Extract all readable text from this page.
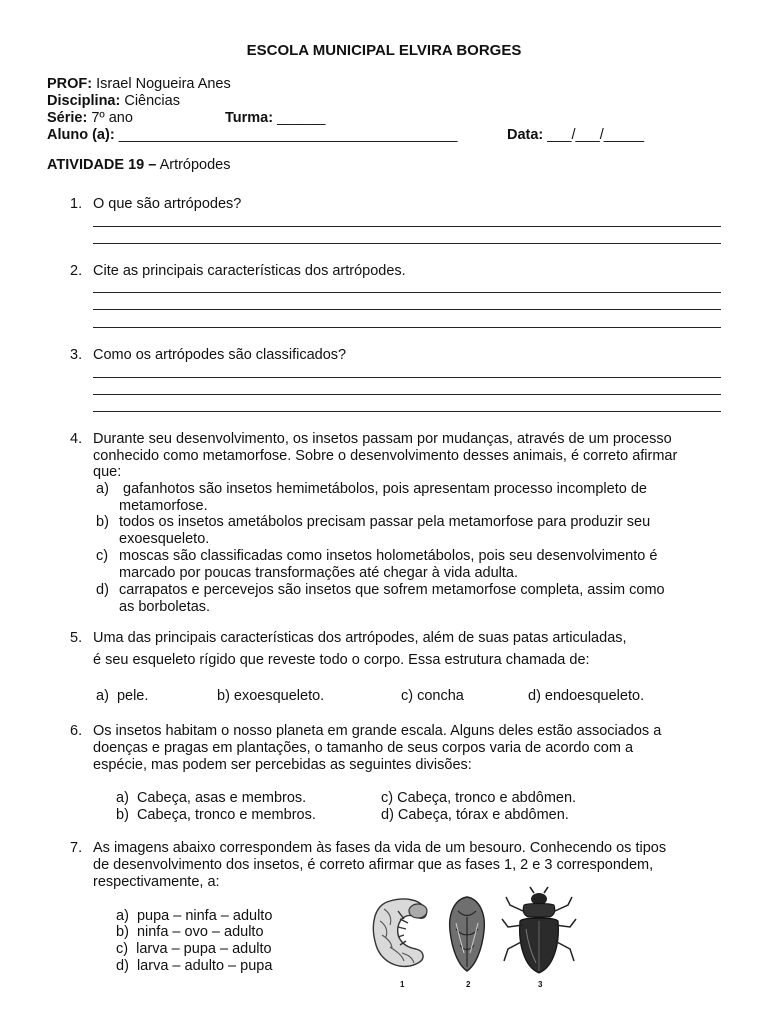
ESCOLA MUNICIPAL ELVIRA BORGES
PROF: Israel Nogueira Anes
Disciplina: Ciências
Série: 7º ano	Turma: ______
Aluno (a): __________________________________________	Data: ___/___/_____
ATIVIDADE 19 – Artrópodes
1. O que são artrópodes?
2. Cite as principais características dos artrópodes.
3. Como os artrópodes são classificados?
4. Durante seu desenvolvimento, os insetos passam por mudanças, através de um processo
conhecido como metamorfose. Sobre o desenvolvimento desses animais, é correto afirmar
que:
a) gafanhotos são insetos hemimetábolos, pois apresentam processo incompleto de
metamorfose.
b) todos os insetos ametábolos precisam passar pela metamorfose para produzir seu
exoesqueleto.
c) moscas são classificadas como insetos holometábolos, pois seu desenvolvimento é
marcado por poucas transformações até chegar à vida adulta.
d) carrapatos e percevejos são insetos que sofrem metamorfose completa, assim como
as borboletas.
5. Uma das principais características dos artrópodes, além de suas patas articuladas,
é seu esqueleto rígido que reveste todo o corpo. Essa estrutura chamada de:
a)  pele.	b) exoesqueleto.	c) concha	d) endoesqueleto.
6. Os insetos habitam o nosso planeta em grande escala. Alguns deles estão associados a
doenças e pragas em plantações, o tamanho de seus corpos varia de acordo com a
espécie, mas podem ser percebidas as seguintes divisões:
a)  Cabeça, asas e membros.	c) Cabeça, tronco e abdômen.
b)  Cabeça, tronco e membros.	d) Cabeça, tórax e abdômen.
7. As imagens abaixo correspondem às fases da vida de um besouro. Conhecendo os tipos
de desenvolvimento dos insetos, é correto afirmar que as fases 1, 2 e 3 correspondem,
respectivamente, a:
a)  pupa – ninfa – adulto
b)  ninfa – ovo – adulto
c)  larva – pupa – adulto
d)  larva – adulto – pupa
1	2	3
